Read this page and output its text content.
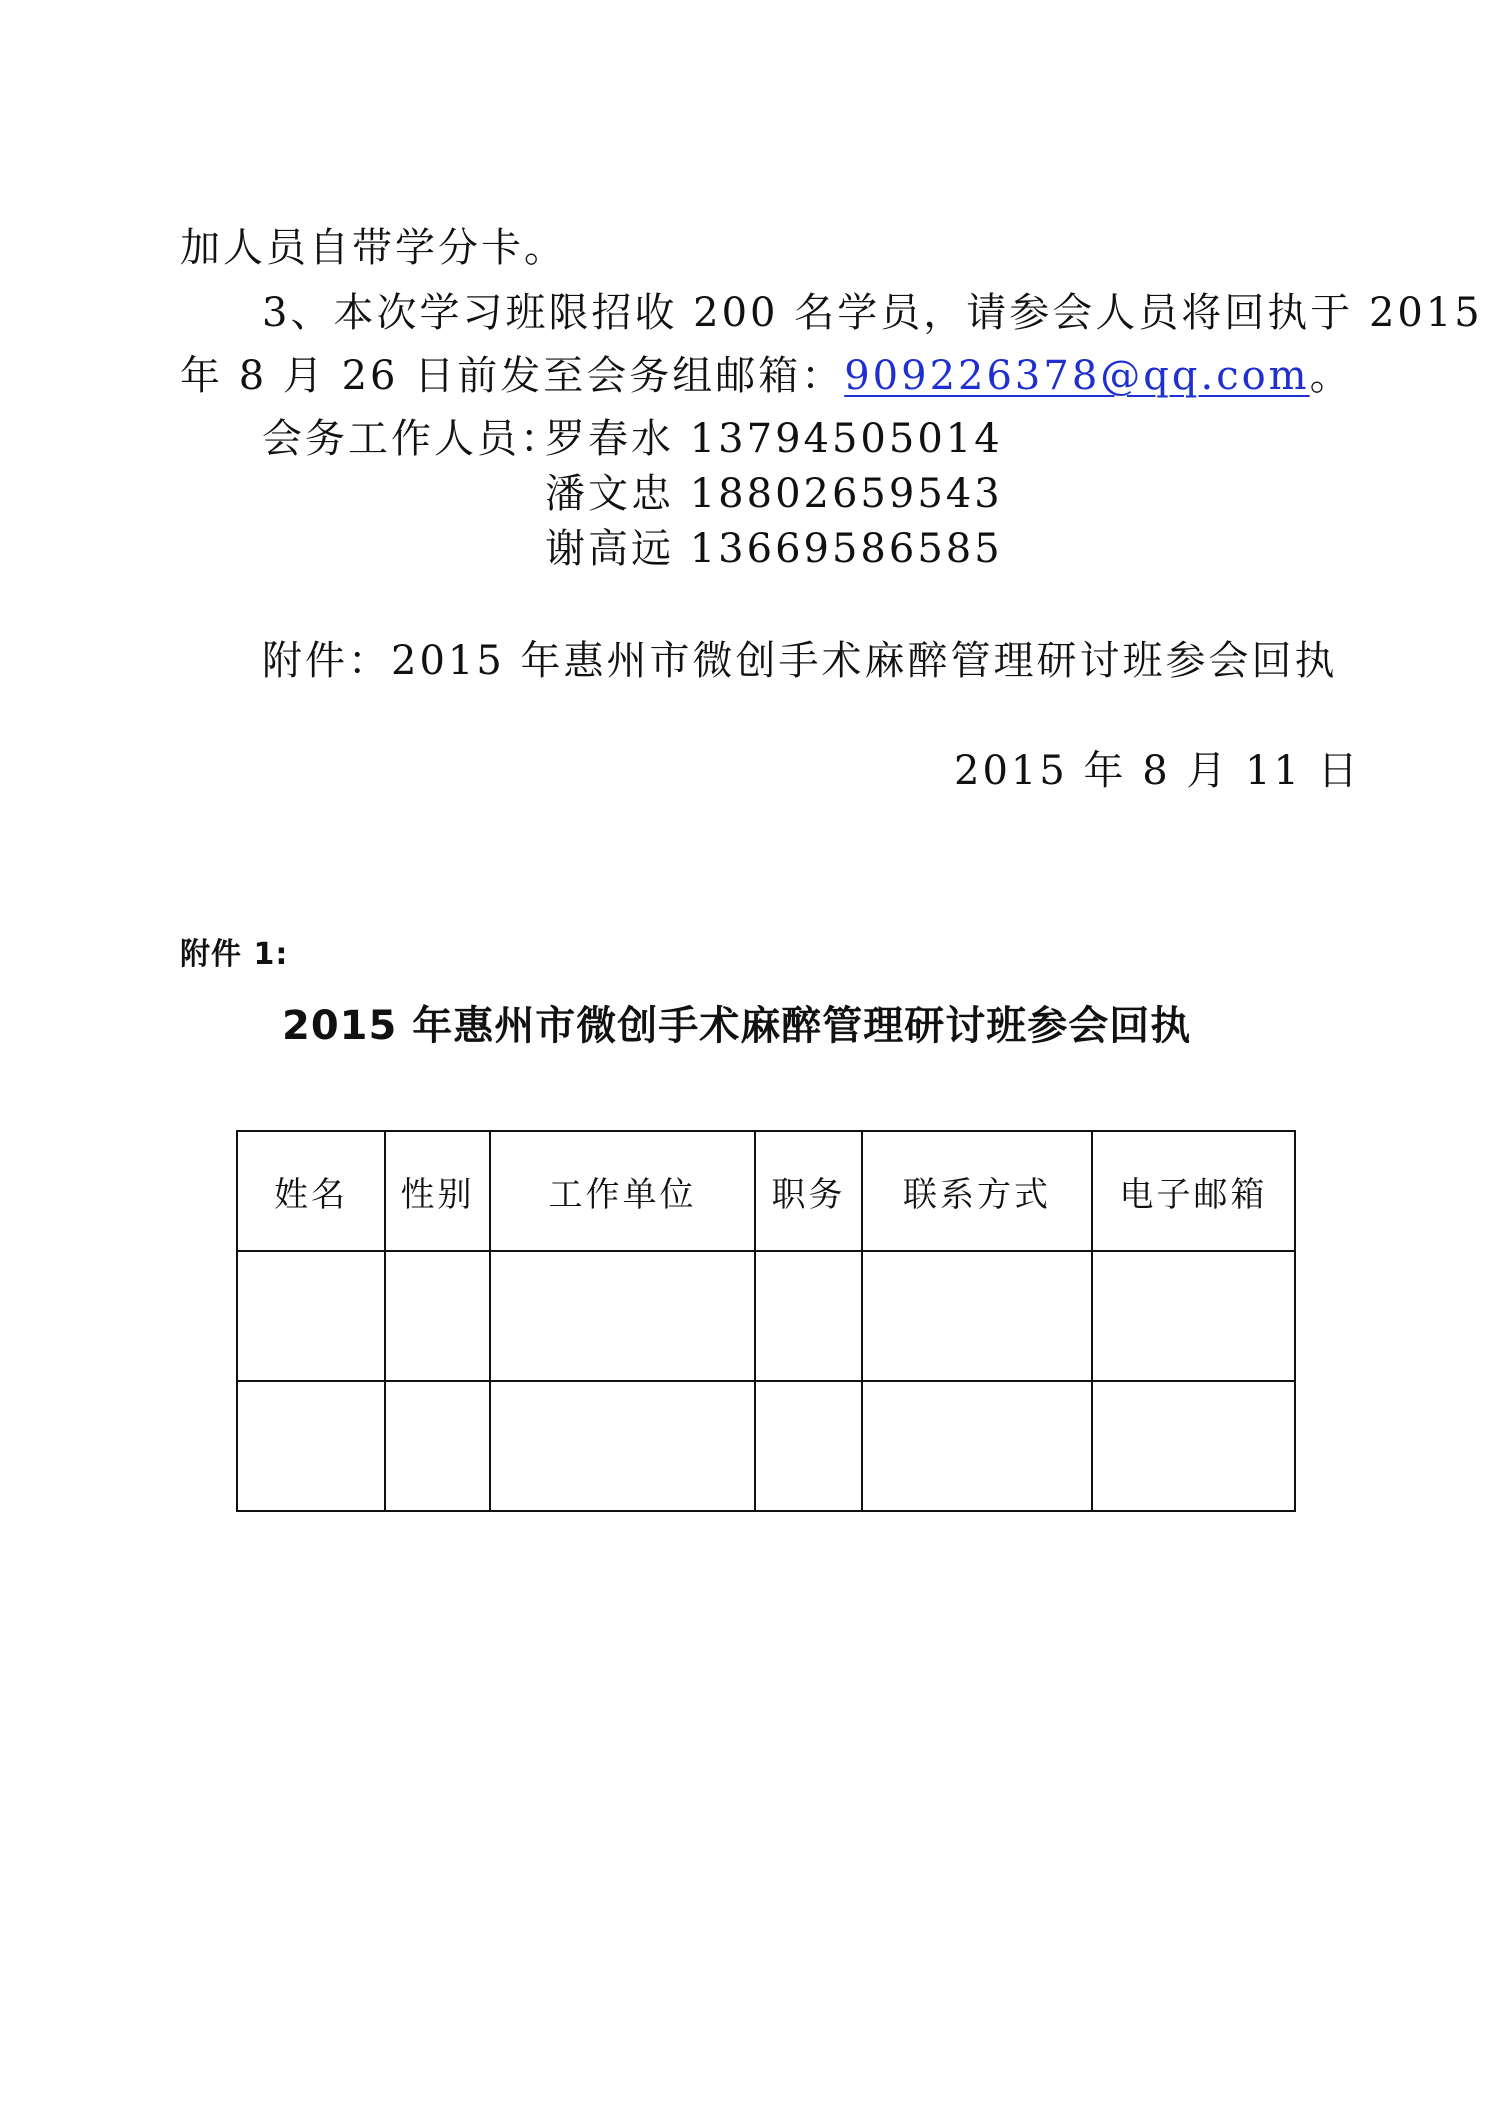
加人员自带学分卡。
3、本次学习班限招收 200 名学员，请参会人员将回执于 2015
年 8 月 26 日前发至会务组邮箱：909226378@qq.com。
会务工作人员：
罗春水 13794505014
潘文忠 18802659543
谢高远 13669586585
附件：2015 年惠州市微创手术麻醉管理研讨班参会回执
2015 年 8 月 11 日
附件 1:
2015 年惠州市微创手术麻醉管理研讨班参会回执
姓名	性别	工作单位	职务	联系方式	电子邮箱
